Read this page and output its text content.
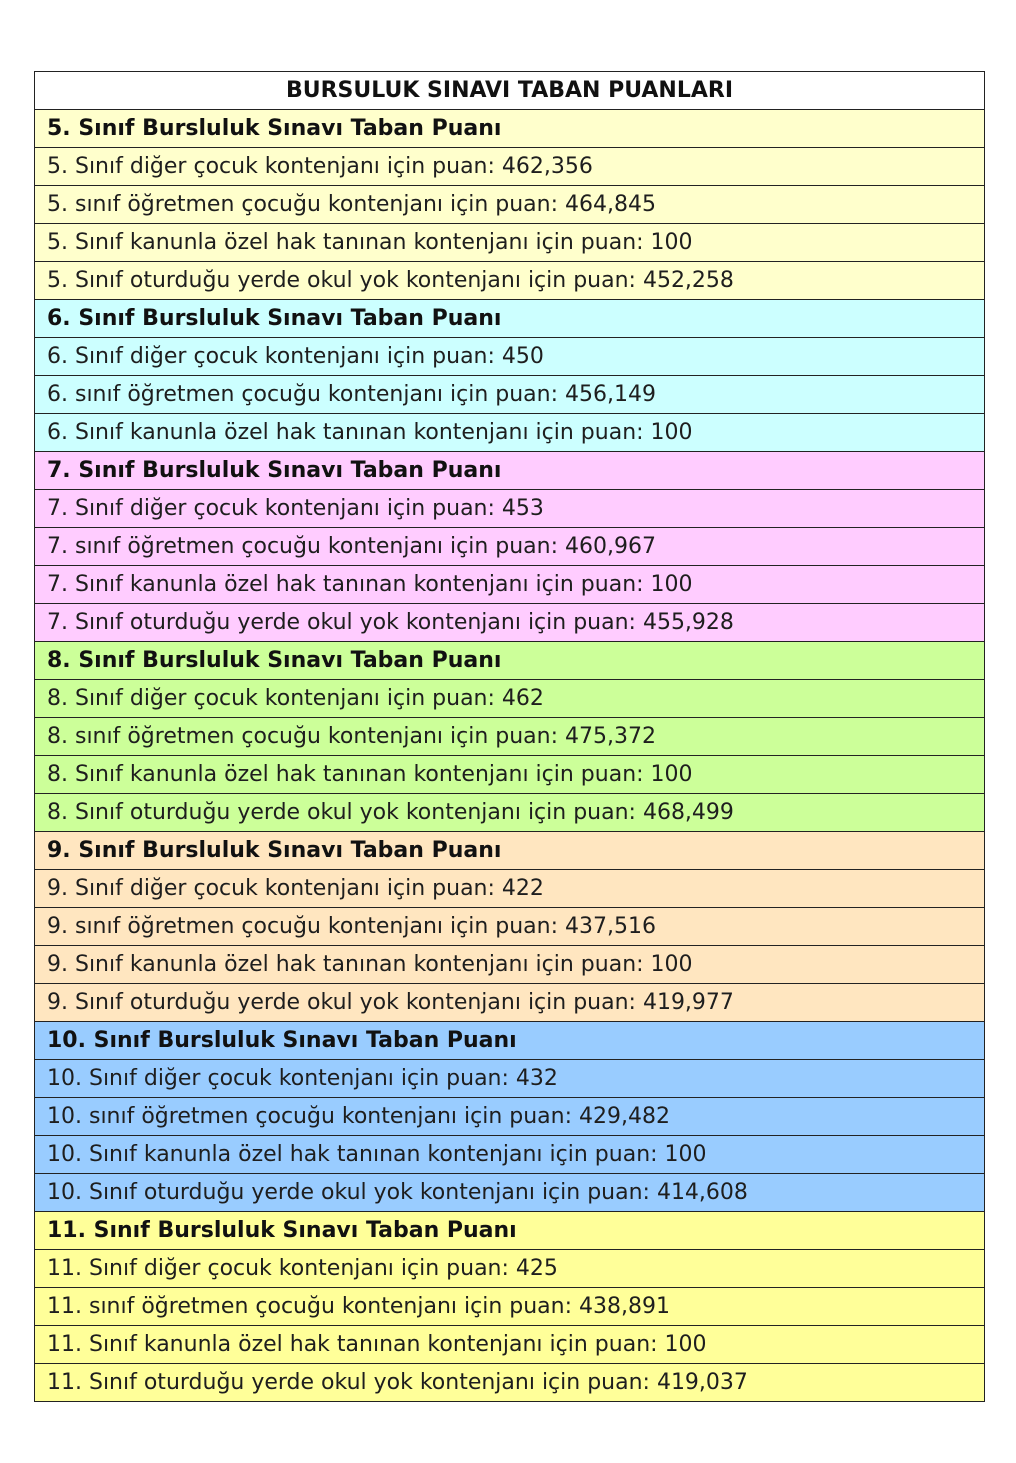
BURSULUK SINAVI TABAN PUANLARI
5. Sınıf Bursluluk Sınavı Taban Puanı
5. Sınıf diğer çocuk kontenjanı için puan: 462,356
5. sınıf öğretmen çocuğu kontenjanı için puan: 464,845
5. Sınıf kanunla özel hak tanınan kontenjanı için puan: 100
5. Sınıf oturduğu yerde okul yok kontenjanı için puan: 452,258
6. Sınıf Bursluluk Sınavı Taban Puanı
6. Sınıf diğer çocuk kontenjanı için puan: 450
6. sınıf öğretmen çocuğu kontenjanı için puan: 456,149
6. Sınıf kanunla özel hak tanınan kontenjanı için puan: 100
7. Sınıf Bursluluk Sınavı Taban Puanı
7. Sınıf diğer çocuk kontenjanı için puan: 453
7. sınıf öğretmen çocuğu kontenjanı için puan: 460,967
7. Sınıf kanunla özel hak tanınan kontenjanı için puan: 100
7. Sınıf oturduğu yerde okul yok kontenjanı için puan: 455,928
8. Sınıf Bursluluk Sınavı Taban Puanı
8. Sınıf diğer çocuk kontenjanı için puan: 462
8. sınıf öğretmen çocuğu kontenjanı için puan: 475,372
8. Sınıf kanunla özel hak tanınan kontenjanı için puan: 100
8. Sınıf oturduğu yerde okul yok kontenjanı için puan: 468,499
9. Sınıf Bursluluk Sınavı Taban Puanı
9. Sınıf diğer çocuk kontenjanı için puan: 422
9. sınıf öğretmen çocuğu kontenjanı için puan: 437,516
9. Sınıf kanunla özel hak tanınan kontenjanı için puan: 100
9. Sınıf oturduğu yerde okul yok kontenjanı için puan: 419,977
10. Sınıf Bursluluk Sınavı Taban Puanı
10. Sınıf diğer çocuk kontenjanı için puan: 432
10. sınıf öğretmen çocuğu kontenjanı için puan: 429,482
10. Sınıf kanunla özel hak tanınan kontenjanı için puan: 100
10. Sınıf oturduğu yerde okul yok kontenjanı için puan: 414,608
11. Sınıf Bursluluk Sınavı Taban Puanı
11. Sınıf diğer çocuk kontenjanı için puan: 425
11. sınıf öğretmen çocuğu kontenjanı için puan: 438,891
11. Sınıf kanunla özel hak tanınan kontenjanı için puan: 100
11. Sınıf oturduğu yerde okul yok kontenjanı için puan: 419,037
